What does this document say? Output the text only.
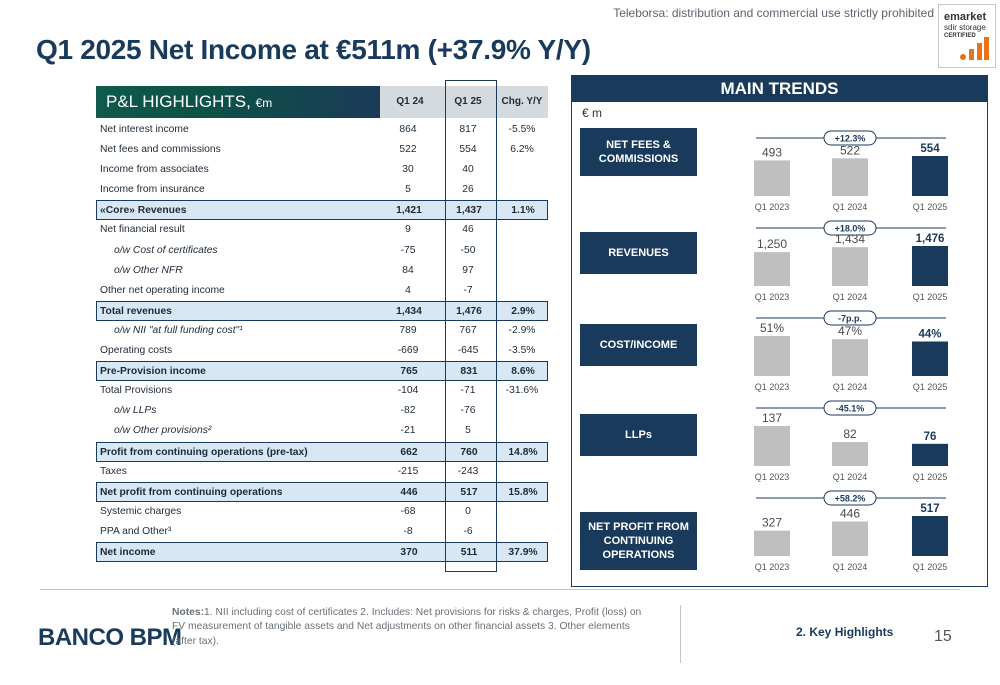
Teleborsa: distribution and commercial use strictly prohibited emarket
sdir storage
CERTIFIED
Q1 2025 Net Income at €511m (+37.9% Y/Y)
P&L HIGHLIGHTS, €m	Q1 24	Q1 25	Chg. Y/Y
Net interest income	864	817	-5.5%
Net fees and commissions	522	554	6.2%
Income from associates	30	40
Income from insurance	5	26
«Core» Revenues	1,421	1,437	1.1%
Net financial result	9	46
o/w Cost of certificates	-75	-50
o/w Other NFR	84	97
Other net operating income	4	-7
Total revenues	1,434	1,476	2.9%
o/w NII "at full funding cost"¹	789	767	-2.9%
Operating costs	-669	-645	-3.5%
Pre-Provision income	765	831	8.6%
Total Provisions	-104	-71	-31.6%
o/w LLPs	-82	-76
o/w Other provisions²	-21	5
Profit from continuing operations (pre-tax)	662	760	14.8%
Taxes	-215	-243
Net profit from continuing operations	446	517	15.8%
Systemic charges	-68	0
PPA and Other³	-8	-6
Net income	370	511	37.9%
MAIN TRENDS
€ m
NET FEES & COMMISSIONS
+12.3%
493
Q1 2023
522
Q1 2024
554
Q1 2025
REVENUES
+18.0%
1,250
Q1 2023
1,434
Q1 2024
1,476
Q1 2025
COST/INCOME
-7p.p.
51%
Q1 2023
47%
Q1 2024
44%
Q1 2025
LLPs
-45.1%
137
Q1 2023
82
Q1 2024
76
Q1 2025
NET PROFIT FROM CONTINUING OPERATIONS
+58.2%
327
Q1 2023
446
Q1 2024
517
Q1 2025
BANCO BPM
Notes:1. NII including cost of certificates 2. Includes: Net provisions for risks & charges, Profit (loss) on FV measurement of tangible assets and Net adjustments on other financial assets 3. Other elements (after tax).
2. Key Highlights	15
